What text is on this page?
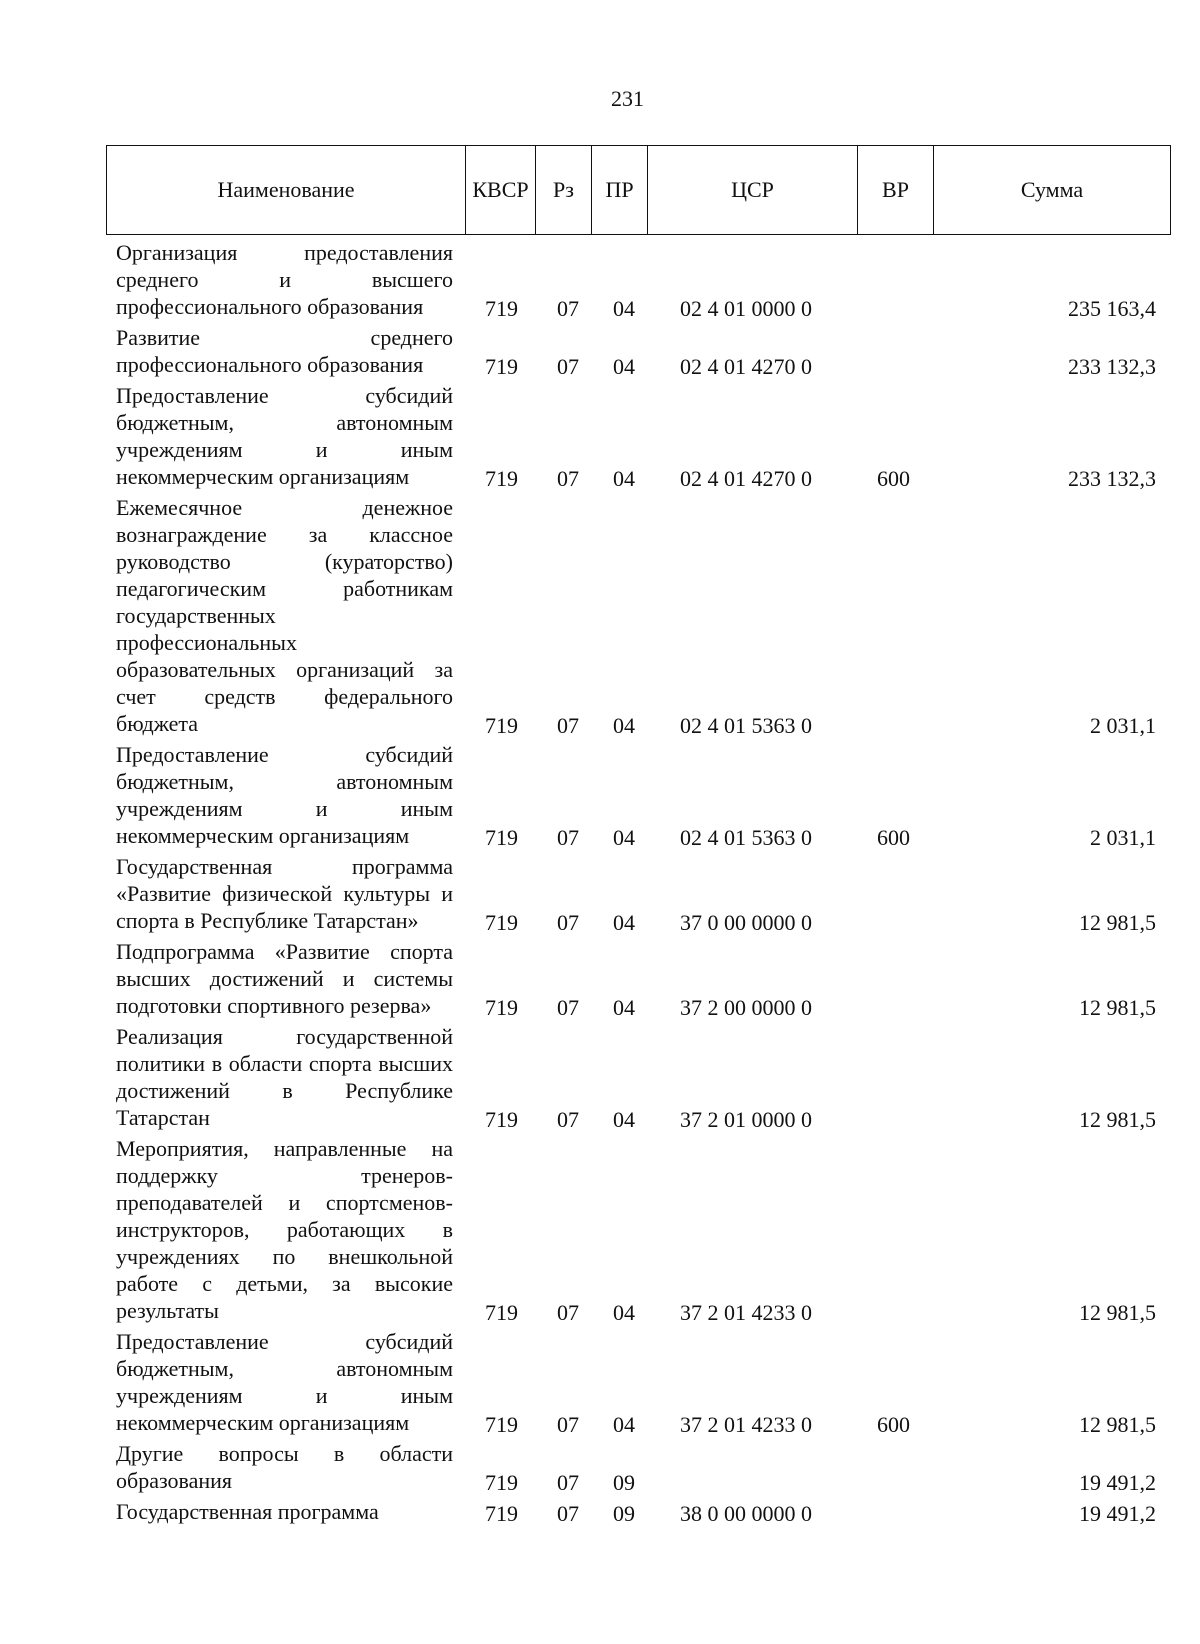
231
Наименование	КВСР	Рз	ПР	ЦСР	ВР	Сумма
Организация предоставления среднего и высшего профессионального образования	719	07	04	02 4 01 0000 0		235 163,4
Развитие среднего профессионального образования	719	07	04	02 4 01 4270 0		233 132,3
Предоставление субсидий бюджетным, автономным учреждениям и иным некоммерческим организациям	719	07	04	02 4 01 4270 0	600	233 132,3
Ежемесячное денежное вознаграждение за классное руководство (кураторство) педагогическим работникам государственных профессиональных образовательных организаций за счет средств федерального бюджета	719	07	04	02 4 01 5363 0		2 031,1
Предоставление субсидий бюджетным, автономным учреждениям и иным некоммерческим организациям	719	07	04	02 4 01 5363 0	600	2 031,1
Государственная программа «Развитие физической культуры и спорта в Республике Татарстан»	719	07	04	37 0 00 0000 0		12 981,5
Подпрограмма «Развитие спорта высших достижений и системы подготовки спортивного резерва»	719	07	04	37 2 00 0000 0		12 981,5
Реализация государственной политики в области спорта высших достижений в Республике Татарстан	719	07	04	37 2 01 0000 0		12 981,5
Мероприятия, направленные на поддержку тренеров-преподавателей и спортсменов-инструкторов, работающих в учреждениях по внешкольной работе с детьми, за высокие результаты	719	07	04	37 2 01 4233 0		12 981,5
Предоставление субсидий бюджетным, автономным учреждениям и иным некоммерческим организациям	719	07	04	37 2 01 4233 0	600	12 981,5
Другие вопросы в области образования	719	07	09			19 491,2
Государственная программа	719	07	09	38 0 00 0000 0		19 491,2
